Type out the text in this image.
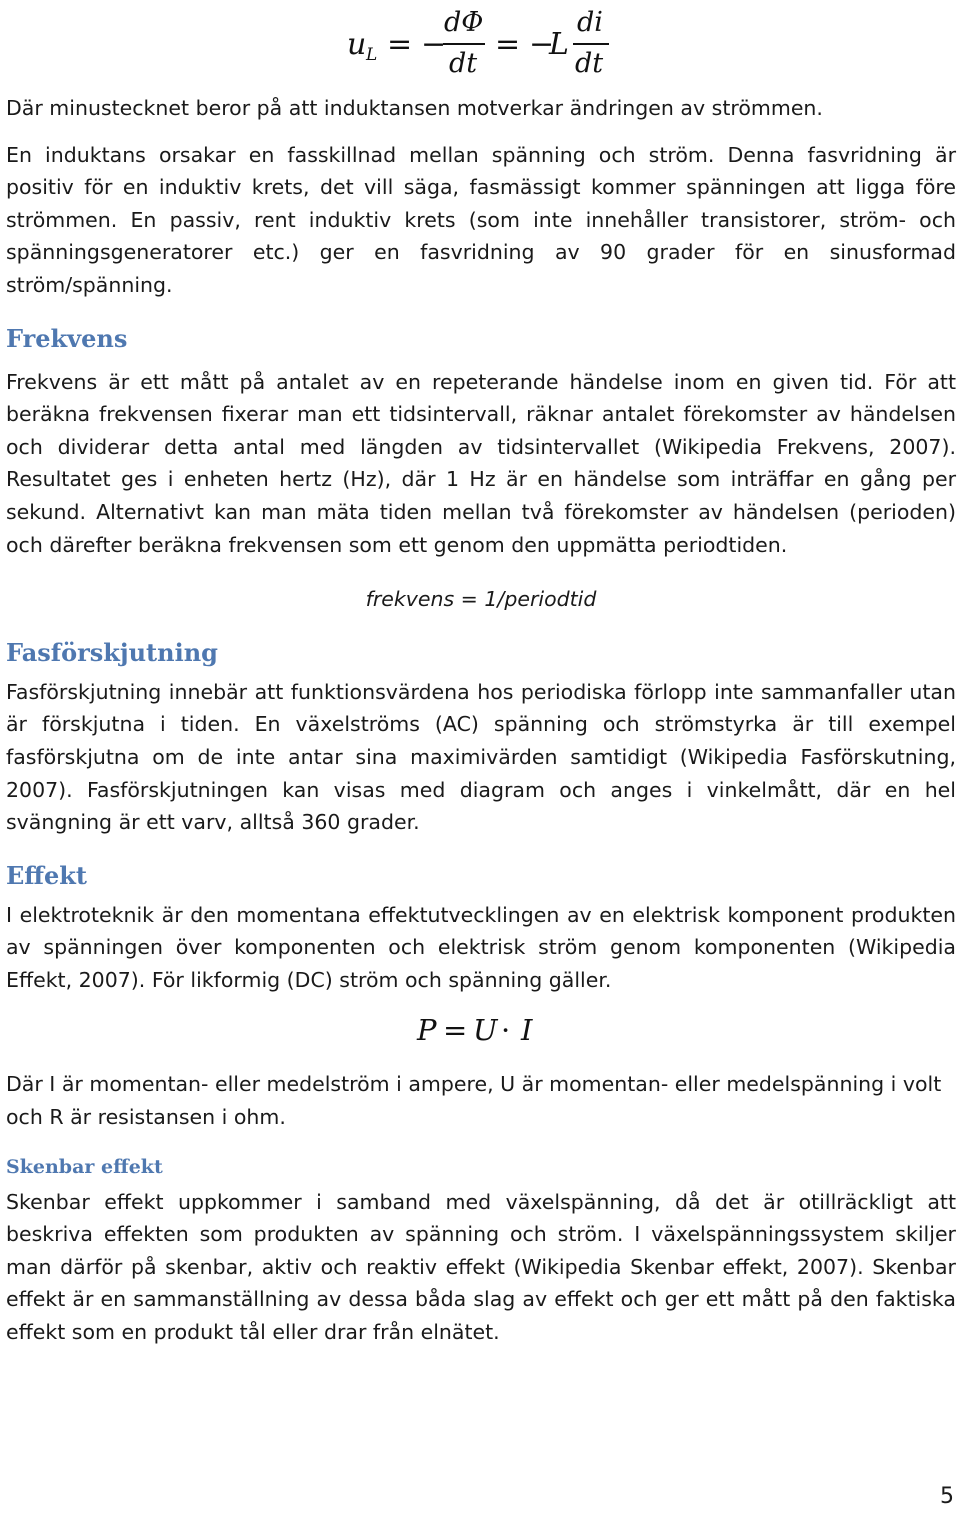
u L = −
dΦ
dt
= −
L
di
dt

Där minustecknet beror på att induktansen motverkar ändringen av strömmen.

En induktans orsakar en fasskillnad mellan spänning och ström. Denna fasvridning är positiv för en induktiv krets, det vill säga, fasmässigt kommer spänningen att ligga före strömmen. En passiv, rent induktiv krets (som inte innehåller transistorer, ström- och spänningsgeneratorer etc.) ger en fasvridning av 90 grader för en sinusformad ström/spänning.

Frekvens

Frekvens är ett mått på antalet av en repeterande händelse inom en given tid. För att beräkna frekvensen fixerar man ett tidsintervall, räknar antalet förekomster av händelsen och dividerar detta antal med längden av tidsintervallet (Wikipedia Frekvens, 2007). Resultatet ges i enheten hertz (Hz), där 1 Hz är en händelse som inträffar en gång per sekund. Alternativt kan man mäta tiden mellan två förekomster av händelsen (perioden) och därefter beräkna frekvensen som ett genom den uppmätta periodtiden.

frekvens = 1/periodtid
Fasförskjutning

Fasförskjutning innebär att funktionsvärdena hos periodiska förlopp inte sammanfaller utan är förskjutna i tiden. En växelströms (AC) spänning och strömstyrka är till exempel fasförskjutna om de inte antar sina maximivärden samtidigt (Wikipedia Fasförskutning, 2007). Fasförskjutningen kan visas med diagram och anges i vinkelmått, där en hel svängning är ett varv, alltså 360 grader.

Effekt

I elektroteknik är den momentana effektutvecklingen av en elektrisk komponent produkten av spänningen över komponenten och elektrisk ström genom komponenten (Wikipedia Effekt, 2007). För likformig (DC) ström och spänning gäller.

P = U · I

Där I är momentan- eller medelström i ampere, U är momentan- eller medelspänning i volt och R är resistansen i ohm.

Skenbar effekt

Skenbar effekt uppkommer i samband med växelspänning, då det är otillräckligt att beskriva effekten som produkten av spänning och ström. I växelspänningssystem skiljer man därför på skenbar, aktiv och reaktiv effekt (Wikipedia Skenbar effekt, 2007). Skenbar effekt är en sammanställning av dessa båda slag av effekt och ger ett mått på den faktiska effekt som en produkt tål eller drar från elnätet.

5
